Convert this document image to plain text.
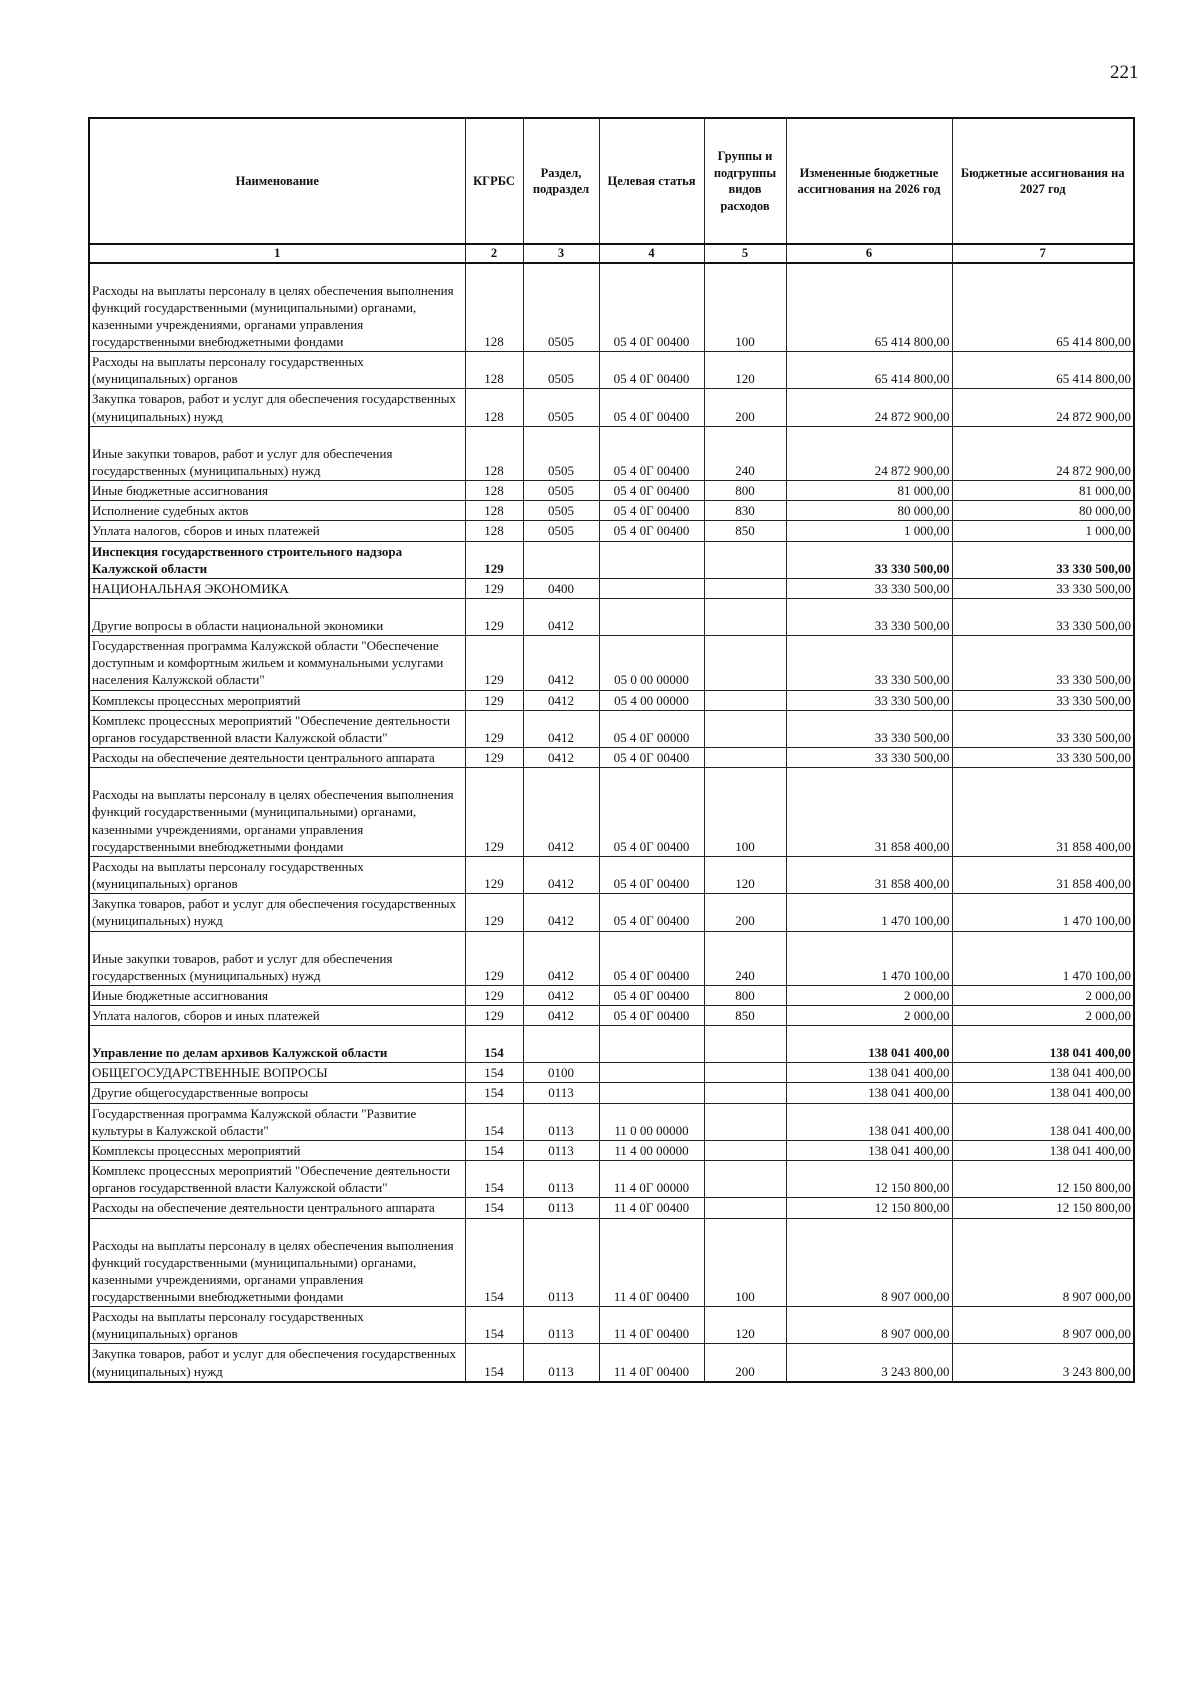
221
Наименование	КГРБС	Раздел, подраздел	Целевая статья	Группы и подгруппы видов расходов	Измененные бюджетные ассигнования на 2026 год	Бюджетные ассигнования на 2027 год
1	2	3	4	5	6	7
Расходы на выплаты персоналу в целях обеспечения выполнения функций государственными (муниципальными) органами, казенными учреждениями, органами управления государственными внебюджетными фондами	128	0505	05 4 0Г 00400	100	65 414 800,00	65 414 800,00
Расходы на выплаты персоналу государственных (муниципальных) органов	128	0505	05 4 0Г 00400	120	65 414 800,00	65 414 800,00
Закупка товаров, работ и услуг для обеспечения государственных (муниципальных) нужд	128	0505	05 4 0Г 00400	200	24 872 900,00	24 872 900,00
Иные закупки товаров, работ и услуг для обеспечения государственных (муниципальных) нужд	128	0505	05 4 0Г 00400	240	24 872 900,00	24 872 900,00
Иные бюджетные ассигнования	128	0505	05 4 0Г 00400	800	81 000,00	81 000,00
Исполнение судебных актов	128	0505	05 4 0Г 00400	830	80 000,00	80 000,00
Уплата налогов, сборов и иных платежей	128	0505	05 4 0Г 00400	850	1 000,00	1 000,00
Инспекция государственного строительного надзора Калужской области	129				33 330 500,00	33 330 500,00
НАЦИОНАЛЬНАЯ ЭКОНОМИКА	129	0400			33 330 500,00	33 330 500,00
Другие вопросы в области национальной экономики	129	0412			33 330 500,00	33 330 500,00
Государственная программа Калужской области "Обеспечение доступным и комфортным жильем и коммунальными услугами населения Калужской области"	129	0412	05 0 00 00000		33 330 500,00	33 330 500,00
Комплексы процессных мероприятий	129	0412	05 4 00 00000		33 330 500,00	33 330 500,00
Комплекс процессных мероприятий "Обеспечение деятельности органов государственной власти Калужской области"	129	0412	05 4 0Г 00000		33 330 500,00	33 330 500,00
Расходы на обеспечение деятельности центрального аппарата	129	0412	05 4 0Г 00400		33 330 500,00	33 330 500,00
Расходы на выплаты персоналу в целях обеспечения выполнения функций государственными (муниципальными) органами, казенными учреждениями, органами управления государственными внебюджетными фондами	129	0412	05 4 0Г 00400	100	31 858 400,00	31 858 400,00
Расходы на выплаты персоналу государственных (муниципальных) органов	129	0412	05 4 0Г 00400	120	31 858 400,00	31 858 400,00
Закупка товаров, работ и услуг для обеспечения государственных (муниципальных) нужд	129	0412	05 4 0Г 00400	200	1 470 100,00	1 470 100,00
Иные закупки товаров, работ и услуг для обеспечения государственных (муниципальных) нужд	129	0412	05 4 0Г 00400	240	1 470 100,00	1 470 100,00
Иные бюджетные ассигнования	129	0412	05 4 0Г 00400	800	2 000,00	2 000,00
Уплата налогов, сборов и иных платежей	129	0412	05 4 0Г 00400	850	2 000,00	2 000,00
Управление по делам архивов Калужской области	154				138 041 400,00	138 041 400,00
ОБЩЕГОСУДАРСТВЕННЫЕ ВОПРОСЫ	154	0100			138 041 400,00	138 041 400,00
Другие общегосударственные вопросы	154	0113			138 041 400,00	138 041 400,00
Государственная программа Калужской области "Развитие культуры в Калужской области"	154	0113	11 0 00 00000		138 041 400,00	138 041 400,00
Комплексы процессных мероприятий	154	0113	11 4 00 00000		138 041 400,00	138 041 400,00
Комплекс процессных мероприятий "Обеспечение деятельности органов государственной власти Калужской области"	154	0113	11 4 0Г 00000		12 150 800,00	12 150 800,00
Расходы на обеспечение деятельности центрального аппарата	154	0113	11 4 0Г 00400		12 150 800,00	12 150 800,00
Расходы на выплаты персоналу в целях обеспечения выполнения функций государственными (муниципальными) органами, казенными учреждениями, органами управления государственными внебюджетными фондами	154	0113	11 4 0Г 00400	100	8 907 000,00	8 907 000,00
Расходы на выплаты персоналу государственных (муниципальных) органов	154	0113	11 4 0Г 00400	120	8 907 000,00	8 907 000,00
Закупка товаров, работ и услуг для обеспечения государственных (муниципальных) нужд	154	0113	11 4 0Г 00400	200	3 243 800,00	3 243 800,00
